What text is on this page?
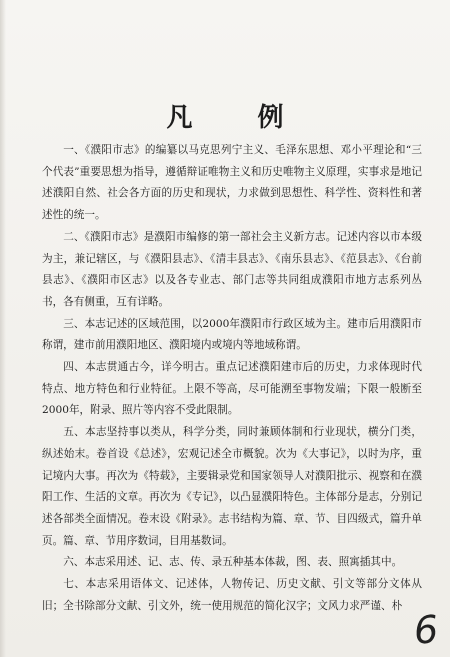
凡 例

一、《濮阳市志》的编纂以马克思列宁主义、毛泽东思想、邓小平理论和“三个代表”重要思想为指导，遵循辩证唯物主义和历史唯物主义原理，实事求是地记述濮阳自然、社会各方面的历史和现状，力求做到思想性、科学性、资料性和著述性的统一。

二、《濮阳市志》是濮阳市编修的第一部社会主义新方志。记述内容以市本级为主，兼记辖区，与《濮阳县志》、《清丰县志》、《南乐县志》、《范县志》、《台前县志》、《濮阳市区志》以及各专业志、部门志等共同组成濮阳市地方志系列丛书，各有侧重，互有详略。

三、本志记述的区域范围，以2000年濮阳市行政区域为主。建市后用濮阳市称谓，建市前用濮阳地区、濮阳境内或境内等地域称谓。

四、本志贯通古今，详今明古。重点记述濮阳建市后的历史，力求体现时代特点、地方特色和行业特征。上限不等高，尽可能溯至事物发端；下限一般断至2000年，附录、照片等内容不受此限制。

五、本志坚持事以类从，科学分类，同时兼顾体制和行业现状，横分门类，纵述始末。卷首设《总述》，宏观记述全市概貌。次为《大事记》，以时为序，重记境内大事。再次为《特载》，主要辑录党和国家领导人对濮阳批示、视察和在濮阳工作、生活的文章。再次为《专记》，以凸显濮阳特色。主体部分是志，分别记述各部类全面情况。卷末设《附录》。志书结构为篇、章、节、目四级式，篇升单页。篇、章、节用序数词，目用基数词。

六、本志采用述、记、志、传、录五种基本体裁，图、表、照寓插其中。

七、本志采用语体文、记述体，人物传记、历史文献、引文等部分文体从旧；全书除部分文献、引文外，统一使用规范的简化汉字；文风力求严谨、朴

6
